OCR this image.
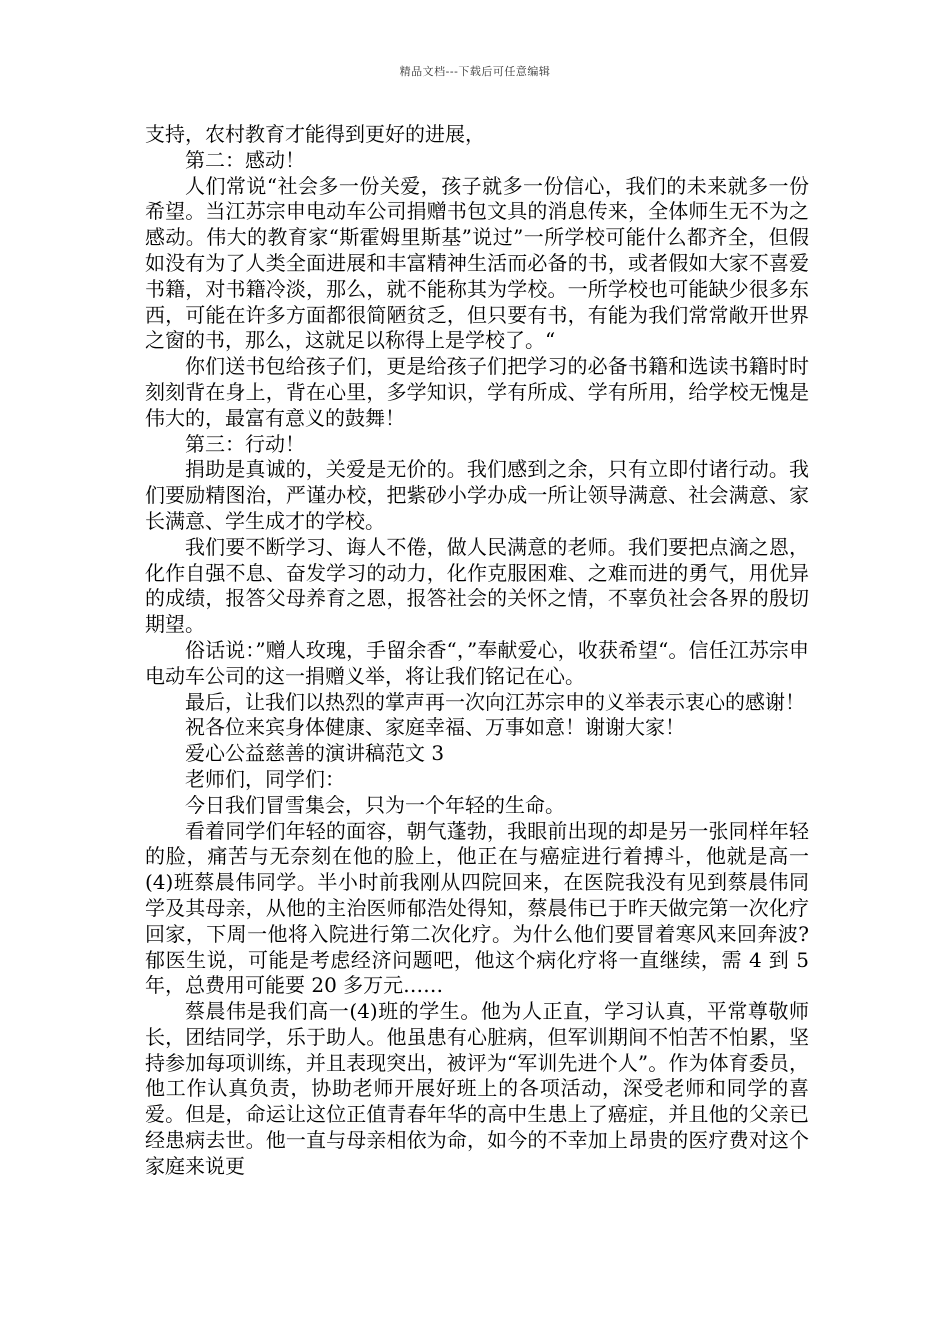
精品文档---下载后可任意编辑

支持，农村教育才能得到更好的进展，

第二：感动！

人们常说“社会多一份关爱，孩子就多一份信心，我们的未来就多一份希望。当江苏宗申电动车公司捐赠书包文具的消息传来，全体师生无不为之感动。伟大的教育家“斯霍姆里斯基”说过”一所学校可能什么都齐全，但假如没有为了人类全面进展和丰富精神生活而必备的书，或者假如大家不喜爱书籍，对书籍冷淡，那么，就不能称其为学校。一所学校也可能缺少很多东西，可能在许多方面都很简陋贫乏，但只要有书，有能为我们常常敞开世界之窗的书，那么，这就足以称得上是学校了。“

你们送书包给孩子们，更是给孩子们把学习的必备书籍和选读书籍时时刻刻背在身上，背在心里，多学知识，学有所成、学有所用，给学校无愧是伟大的，最富有意义的鼓舞！

第三：行动！

捐助是真诚的，关爱是无价的。我们感到之余，只有立即付诸行动。我们要励精图治，严谨办校，把紫砂小学办成一所让领导满意、社会满意、家长满意、学生成才的学校。

我们要不断学习、诲人不倦，做人民满意的老师。我们要把点滴之恩，化作自强不息、奋发学习的动力，化作克服困难、之难而进的勇气，用优异的成绩，报答父母养育之恩，报答社会的关怀之情，不辜负社会各界的殷切期望。

俗话说：”赠人玫瑰，手留余香“，”奉献爱心，收获希望“。信任江苏宗申电动车公司的这一捐赠义举，将让我们铭记在心。

最后，让我们以热烈的掌声再一次向江苏宗申的义举表示衷心的感谢！

祝各位来宾身体健康、家庭幸福、万事如意！谢谢大家！

爱心公益慈善的演讲稿范文 3

老师们，同学们：

今日我们冒雪集会，只为一个年轻的生命。

看着同学们年轻的面容，朝气蓬勃，我眼前出现的却是另一张同样年轻的脸，痛苦与无奈刻在他的脸上，他正在与癌症进行着搏斗，他就是高一(4)班蔡晨伟同学。半小时前我刚从四院回来，在医院我没有见到蔡晨伟同学及其母亲，从他的主治医师郁浩处得知，蔡晨伟已于昨天做完第一次化疗回家，下周一他将入院进行第二次化疗。为什么他们要冒着寒风来回奔波?郁医生说，可能是考虑经济问题吧，他这个病化疗将一直继续，需 4 到 5 年，总费用可能要 20 多万元……

蔡晨伟是我们高一(4)班的学生。他为人正直，学习认真，平常尊敬师长，团结同学，乐于助人。他虽患有心脏病，但军训期间不怕苦不怕累，坚持参加每项训练，并且表现突出，被评为“军训先进个人”。作为体育委员，他工作认真负责，协助老师开展好班上的各项活动，深受老师和同学的喜爱。但是，命运让这位正值青春年华的高中生患上了癌症，并且他的父亲已经患病去世。他一直与母亲相依为命，如今的不幸加上昂贵的医疗费对这个家庭来说更
